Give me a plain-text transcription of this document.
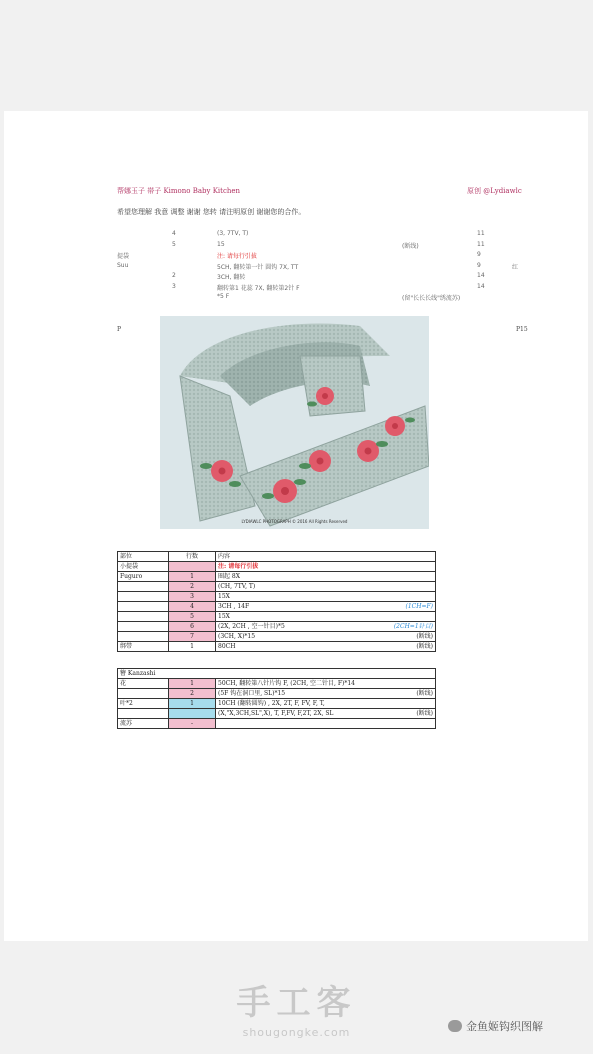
帮娜玉子 帯子 Kimono Baby Kitchen	原创 @Lydiawlc
希望您理解 我意 调整 谢谢 您转 请注明原创 谢谢您的合作。
4	(3, 7TV, T)	11
5	15	(断线)	11
提袋	注: 请每行引拔	9
Suu	5CH, 翻转第一针 圆钩 7X, TT	9	红
2	3CH, 翻转	14
3	翻转第1 花蕊 7X, 翻转第2针 F	14
*5 F	(留"长长长线"绣流苏)
P	P15
LYDIAWLC PHOTOGRAPH © 2016 All Rights Reserved
部位	行数	内容
小提袋		注: 请每行引拔
Fuguro	1	圈起 8X
	2	(CH, 7TV, T)
	3	15X
	4	3CH , 14F (1CH=F)

	5	15X
	6	(2X, 2CH , 空一针目)*5 (2CH=1针目)

	7	(3CH, X)*15 (断线)

绑带	1	80CH (断线)
簪 Kanzashi		
花	1	50CH, 翻转第八针片钩 F, (2CH, 空二针目, F)*14
	2	(5F 钩在洞口里, SL)*15 (断线)

叶*2	1	10CH (翻转圆钩) , 2X, 2T, F, FV, F, T,
		(X,"X,3CH,SL",X), T, F,FV, F,2T, 2X, SL (断线)

流苏	-	
手工客
shougongke.com	金鱼姬钩织图解
